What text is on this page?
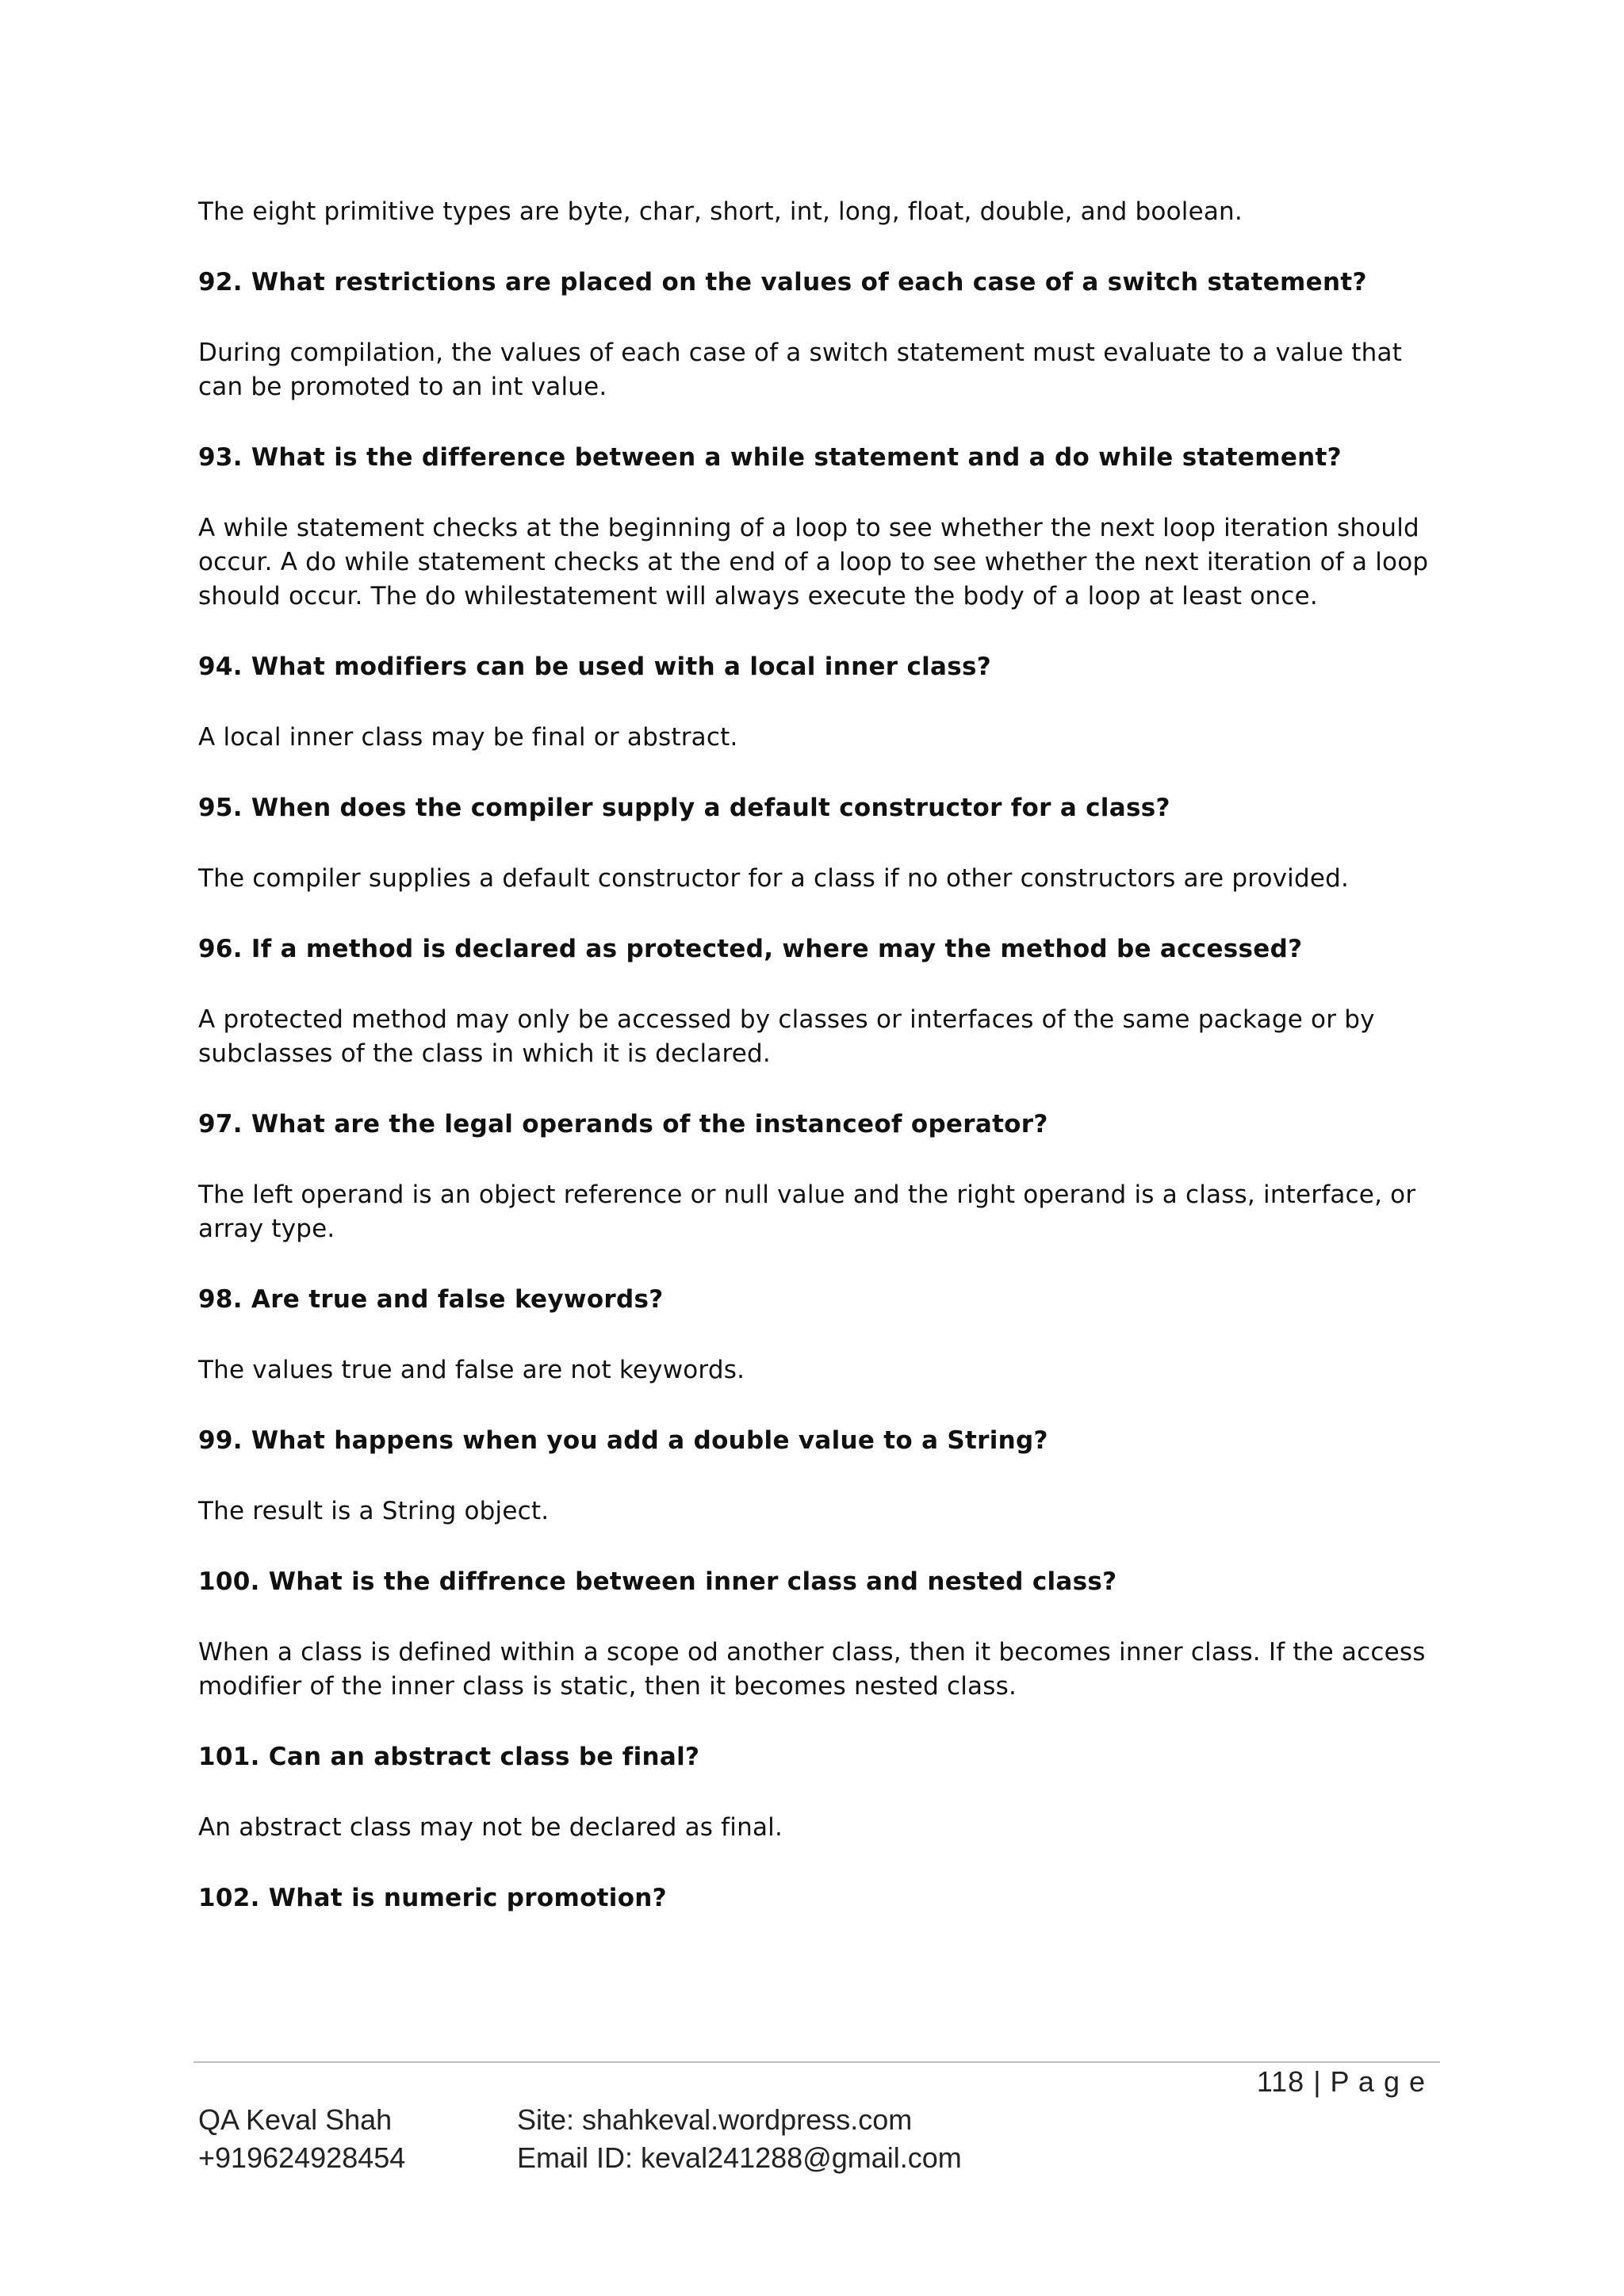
The eight primitive types are byte, char, short, int, long, float, double, and boolean.

92. What restrictions are placed on the values of each case of a switch statement?

During compilation, the values of each case of a switch statement must evaluate to a value that can be promoted to an int value.

93. What is the difference between a while statement and a do while statement?

A while statement checks at the beginning of a loop to see whether the next loop iteration should occur. A do while statement checks at the end of a loop to see whether the next iteration of a loop should occur. The do whilestatement will always execute the body of a loop at least once.

94. What modifiers can be used with a local inner class?

A local inner class may be final or abstract.

95. When does the compiler supply a default constructor for a class?

The compiler supplies a default constructor for a class if no other constructors are provided.

96. If a method is declared as protected, where may the method be accessed?

A protected method may only be accessed by classes or interfaces of the same package or by subclasses of the class in which it is declared.

97. What are the legal operands of the instanceof operator?

The left operand is an object reference or null value and the right operand is a class, interface, or array type.

98. Are true and false keywords?

The values true and false are not keywords.

99. What happens when you add a double value to a String?

The result is a String object.

100. What is the diffrence between inner class and nested class?

When a class is defined within a scope od another class, then it becomes inner class. If the access modifier of the inner class is static, then it becomes nested class.

101. Can an abstract class be final?

An abstract class may not be declared as final.

102. What is numeric promotion?

118 | P a g e
QA Keval Shah
+919624928454
Site: shahkeval.wordpress.com
Email ID: keval241288@gmail.com
